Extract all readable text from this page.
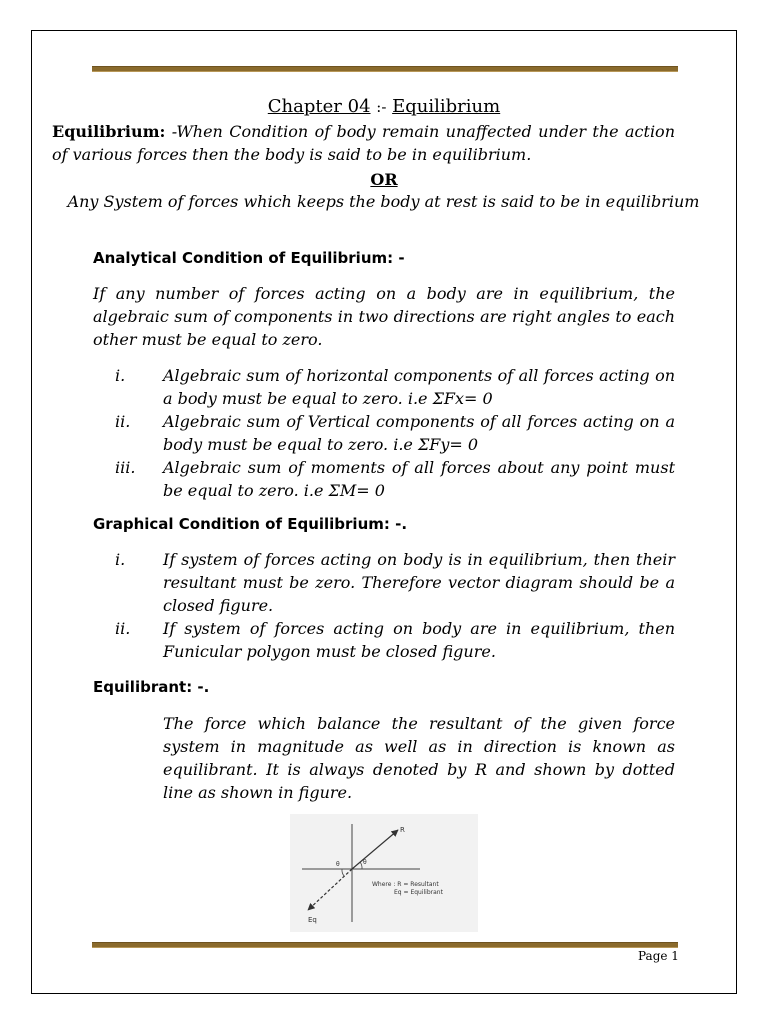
Chapter 04 :- Equilibrium
Equilibrium: -When Condition of body remain unaffected under the action of various forces then the body is said to be in equilibrium.
OR
Any System of forces which keeps the body at rest is said to be in equilibrium
Analytical Condition of Equilibrium: -
If any number of forces acting on a body are in equilibrium, the algebraic sum of components in two directions are right angles to each other must be equal to zero.
i. Algebraic sum of horizontal components of all forces acting on a body must be equal to zero. i.e ΣFx= 0
ii. Algebraic sum of Vertical components of all forces acting on a body must be equal to zero. i.e ΣFy= 0
iii. Algebraic sum of moments of all forces about any point must be equal to zero. i.e ΣM= 0
Graphical Condition of Equilibrium: -.
i. If system of forces acting on body is in equilibrium, then their resultant must be zero. Therefore vector diagram should be a closed figure.
ii. If system of forces acting on body are in equilibrium, then Funicular polygon must be closed figure.
Equilibrant: -.
The force which balance the resultant of the given force system in magnitude as well as in direction is known as equilibrant. It is always denoted by R and shown by dotted line as shown in figure.
R
Eq
θ
θ
Where : R = Resultant
Eq = Equilibrant
Page 1
